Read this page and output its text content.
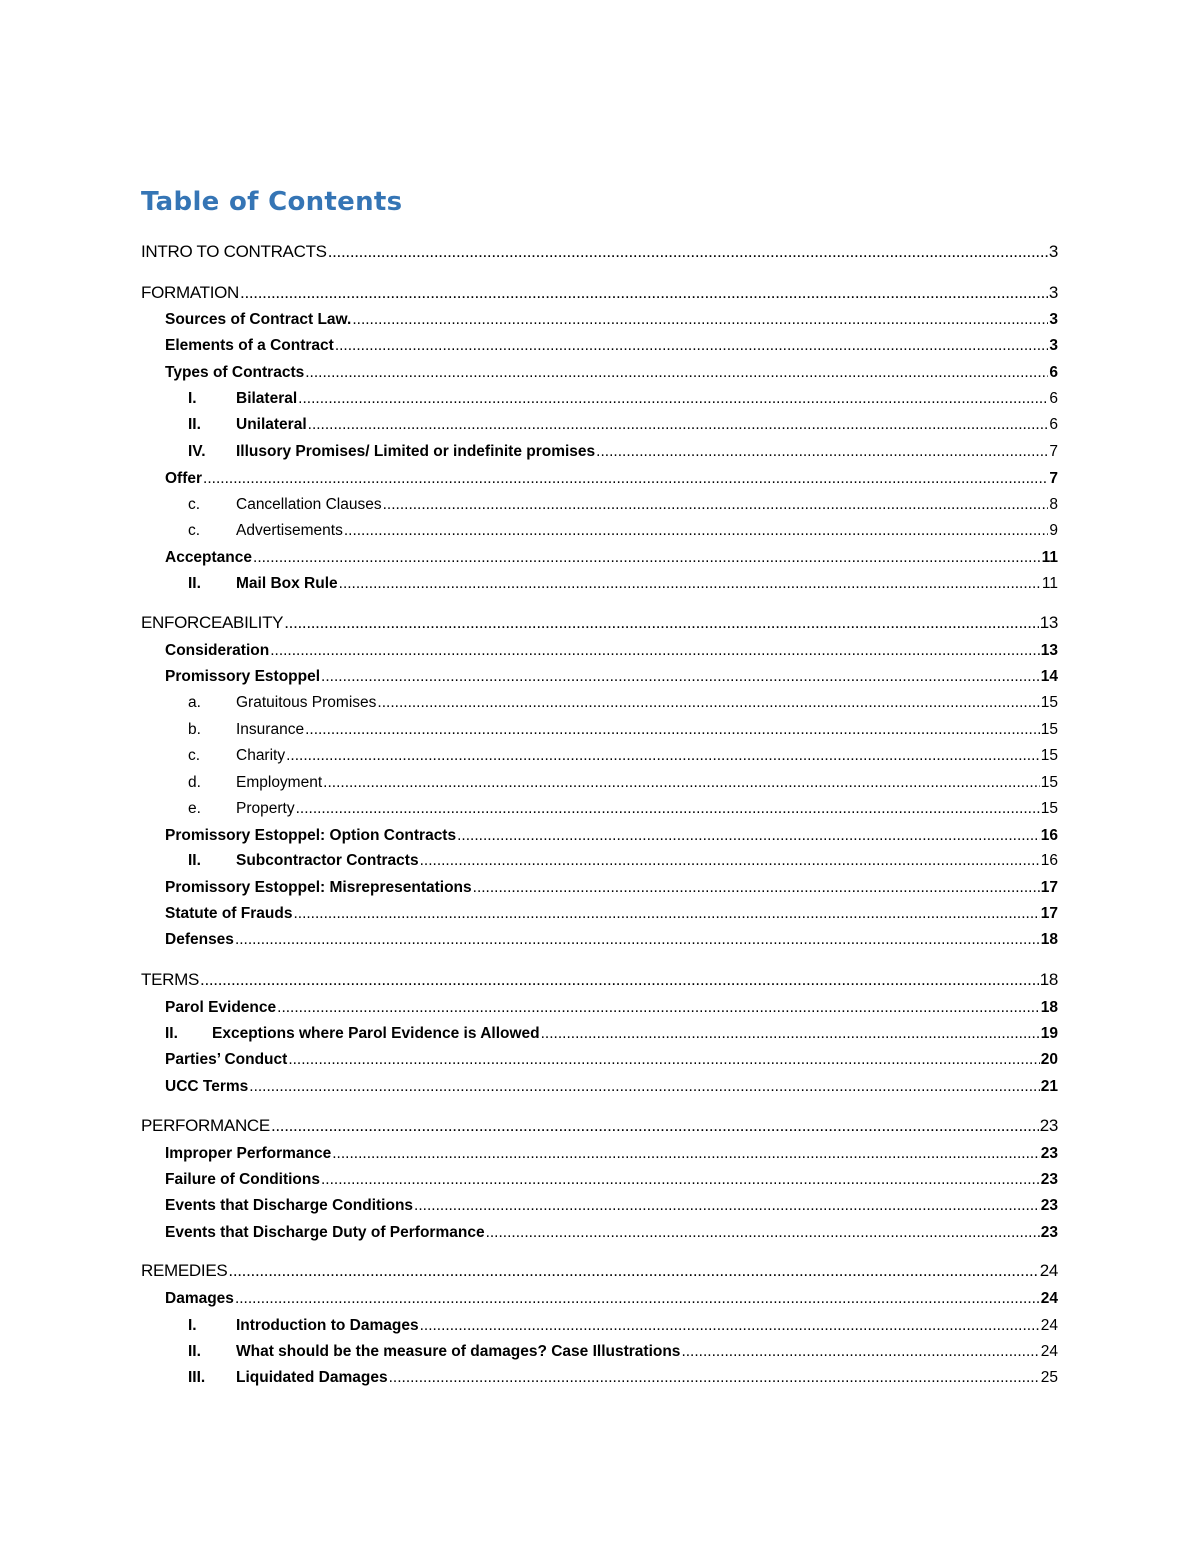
Table of Contents
INTRO TO CONTRACTS .....	3
FORMATION .....	3
Sources of Contract Law. .....	3
Elements of a Contract .....	3
Types of Contracts .....	6
I.	Bilateral .....	6
II.	Unilateral .....	6
IV.	Illusory Promises/ Limited or indefinite promises .....	7
Offer .....	7
c.	Cancellation Clauses .....	8
c.	Advertisements .....	9
Acceptance .....	11
II.	Mail Box Rule .....	11
ENFORCEABILITY .....	13
Consideration .....	13
Promissory Estoppel .....	14
a.	Gratuitous Promises .....	15
b.	Insurance .....	15
c.	Charity .....	15
d.	Employment .....	15
e.	Property .....	15
Promissory Estoppel: Option Contracts .....	16
II.	Subcontractor Contracts .....	16
Promissory Estoppel: Misrepresentations .....	17
Statute of Frauds .....	17
Defenses .....	18
TERMS .....	18
Parol Evidence .....	18
II.	Exceptions where Parol Evidence is Allowed .....	19
Parties’ Conduct .....	20
UCC Terms .....	21
PERFORMANCE .....	23
Improper Performance .....	23
Failure of Conditions .....	23
Events that Discharge Conditions .....	23
Events that Discharge Duty of Performance .....	23
REMEDIES .....	24
Damages .....	24
I.	Introduction to Damages .....	24
II.	What should be the measure of damages? Case Illustrations .....	24
III.	Liquidated Damages .....	25
